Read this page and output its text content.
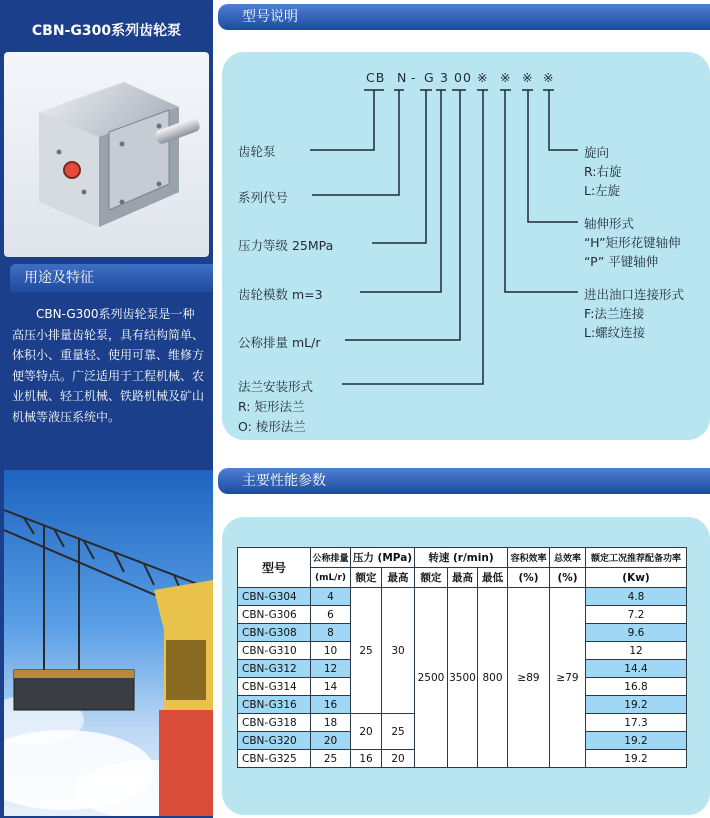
CBN-G300系列齿轮泵
用途及特征
CBN-G300系列齿轮泵是一种高压小排量齿轮泵，具有结构简单、体积小、重量轻、使用可靠、维修方便等特点。广泛适用于工程机械、农业机械、轻工机械、铁路机械及矿山机械等液压系统中。
型号说明
CB N - G 3 00 ※ ※ ※ ※
齿轮泵
系列代号
压力等级 25MPa
齿轮模数 m=3
公称排量 mL/r
法兰安装形式
R: 矩形法兰
O: 棱形法兰
旋向
R:右旋
L:左旋
轴伸形式
“H”矩形花键轴伸
“P” 平键轴伸
进出油口连接形式
F:法兰连接
L:螺纹连接
主要性能参数
型号	公称排量	压力 (MPa)		转速 (r/min)			容积效率	总效率	额定工况推荐配备功率
	(mL/r)	额定	最高	额定	最高	最低	(%)	(%)	(Kw)
CBN-G304	4	25	30	2500	3500	800	≥89	≥79	4.8
CBN-G306	6								7.2
CBN-G308	8								9.6
CBN-G310	10								12
CBN-G312	12								14.4
CBN-G314	14								16.8
CBN-G316	16								19.2
CBN-G318	18	20	25						17.3
CBN-G320	20								19.2
CBN-G325	25	16	20						19.2
